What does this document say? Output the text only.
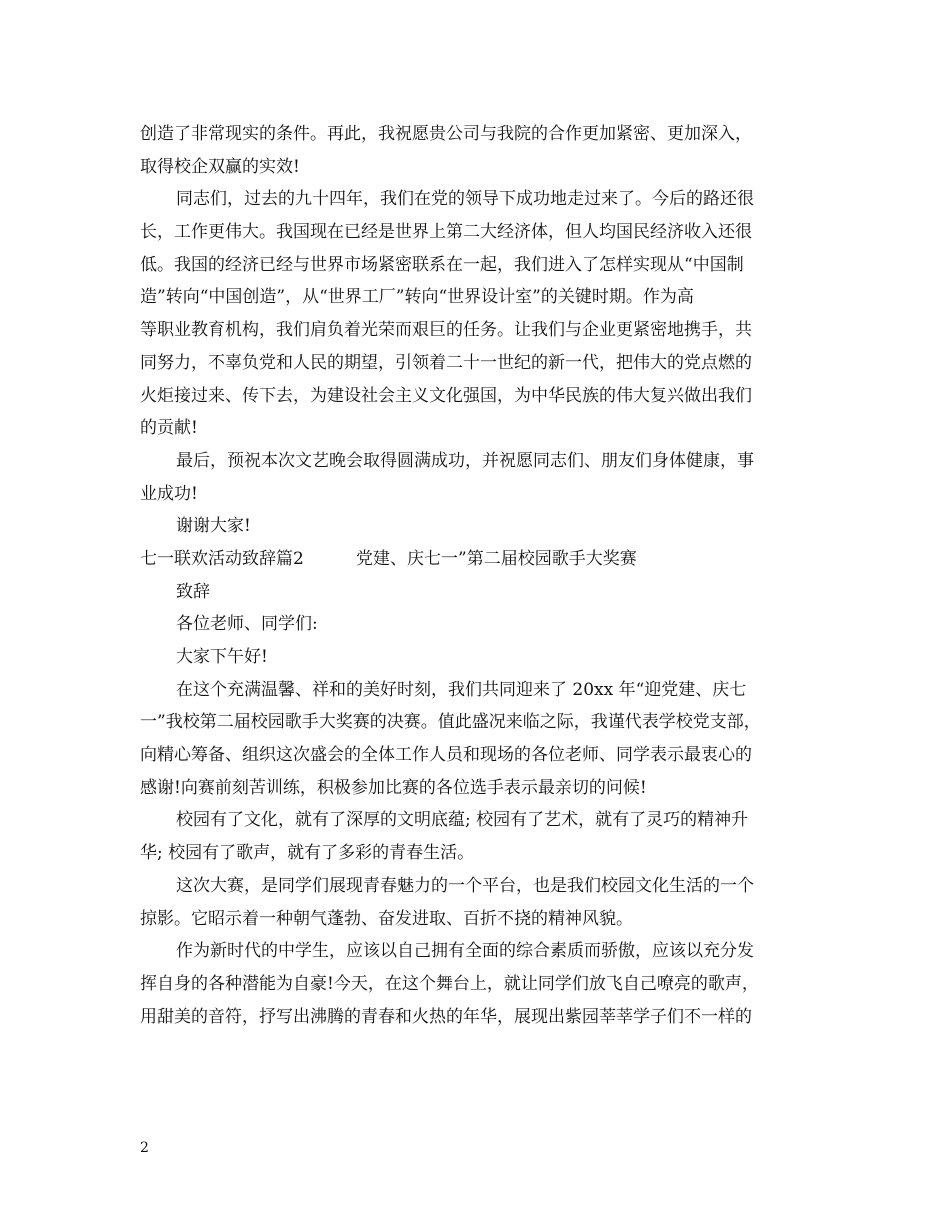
创造了非常现实的条件。再此，我祝愿贵公司与我院的合作更加紧密、更加深入，
取得校企双赢的实效!
同志们，过去的九十四年，我们在党的领导下成功地走过来了。今后的路还很
长，工作更伟大。我国现在已经是世界上第二大经济体，但人均国民经济收入还很
低。我国的经济已经与世界市场紧密联系在一起，我们进入了怎样实现从“中国制
造”转向“中国创造”，从“世界工厂”转向“世界设计室”的关键时期。作为高
等职业教育机构，我们肩负着光荣而艰巨的任务。让我们与企业更紧密地携手，共
同努力，不辜负党和人民的期望，引领着二十一世纪的新一代，把伟大的党点燃的
火炬接过来、传下去，为建设社会主义文化强国，为中华民族的伟大复兴做出我们
的贡献!
最后，预祝本次文艺晚会取得圆满成功，并祝愿同志们、朋友们身体健康，事
业成功!
谢谢大家!
七一联欢活动致辞篇2	党建、庆七一”第二届校园歌手大奖赛
致辞
各位老师、同学们:
大家下午好!
在这个充满温馨、祥和的美好时刻，我们共同迎来了 20xx 年“迎党建、庆七
一”我校第二届校园歌手大奖赛的决赛。值此盛况来临之际，我谨代表学校党支部，
向精心筹备、组织这次盛会的全体工作人员和现场的各位老师、同学表示最衷心的
感谢!向赛前刻苦训练，积极参加比赛的各位选手表示最亲切的问候!
校园有了文化，就有了深厚的文明底蕴; 校园有了艺术，就有了灵巧的精神升
华; 校园有了歌声，就有了多彩的青春生活。
这次大赛，是同学们展现青春魅力的一个平台，也是我们校园文化生活的一个
掠影。它昭示着一种朝气蓬勃、奋发进取、百折不挠的精神风貌。
作为新时代的中学生，应该以自己拥有全面的综合素质而骄傲，应该以充分发
挥自身的各种潜能为自豪!今天，在这个舞台上，就让同学们放飞自己嘹亮的歌声，
用甜美的音符，抒写出沸腾的青春和火热的年华，展现出紫园莘莘学子们不一样的
2
